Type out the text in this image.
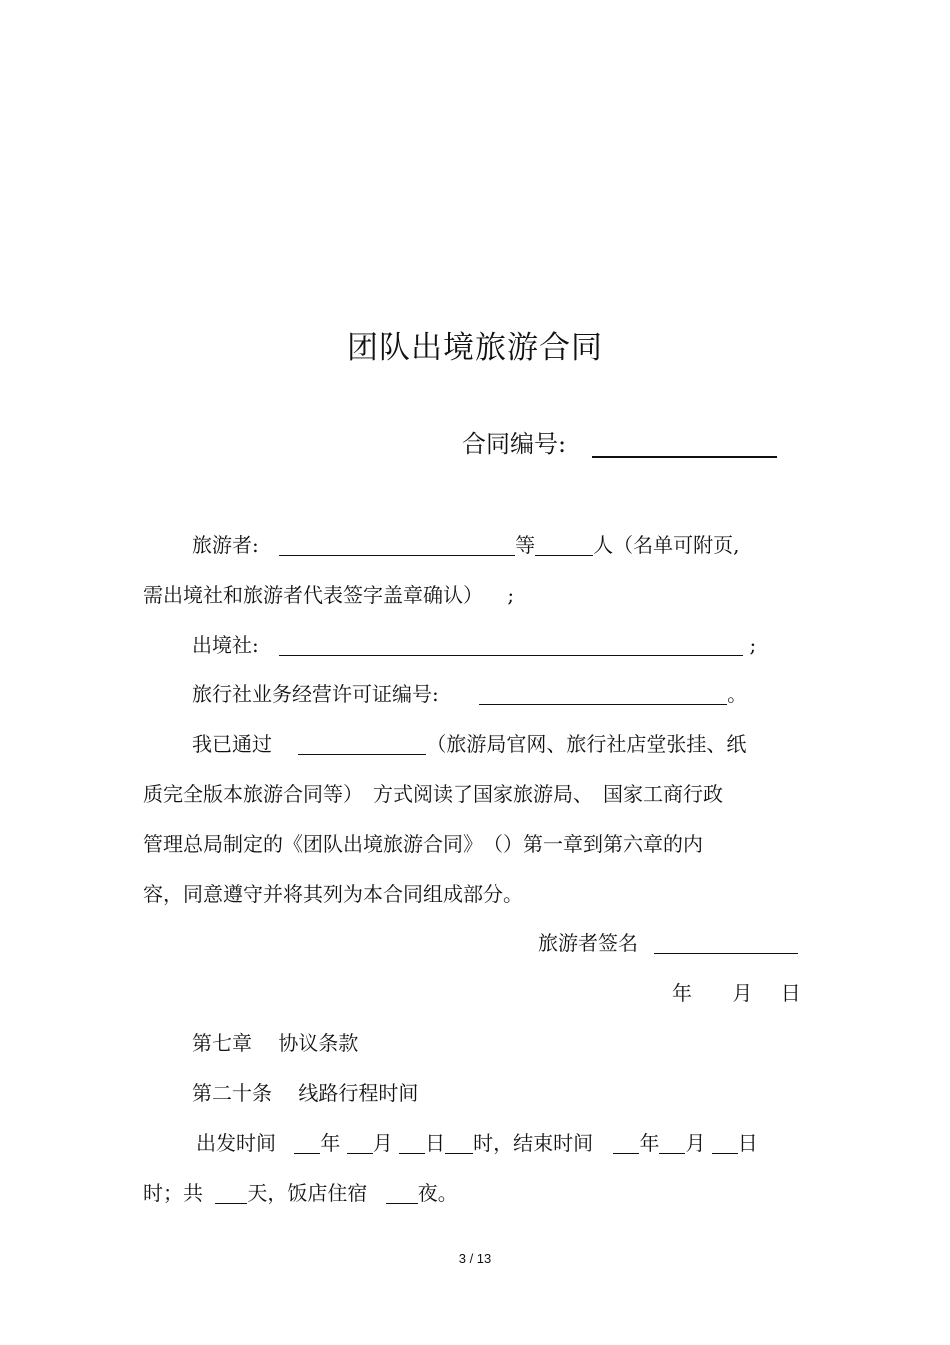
团队出境旅游合同
合同编号:
旅游者:	等	人（名单可附页,
需出境社和旅游者代表签字盖章确认） ;
出境社:	;
旅行社业务经营许可证编号:	。
我已通过	（旅游局官网、旅行社店堂张挂、纸
质完全版本旅游合同等）　方式阅读了国家旅游局、　国家工商行政
管理总局制定的《团队出境旅游合同》　（）第一章到第六章的内
容，同意遵守并将其列为本合同组成部分。
旅游者签名
年 月 日
第七章　 协议条款
第二十条　 线路行程时间
出发时间 年 月 日 时，结束时间 年 月 日
时；共 天，饭店住宿	夜。
3 / 13
